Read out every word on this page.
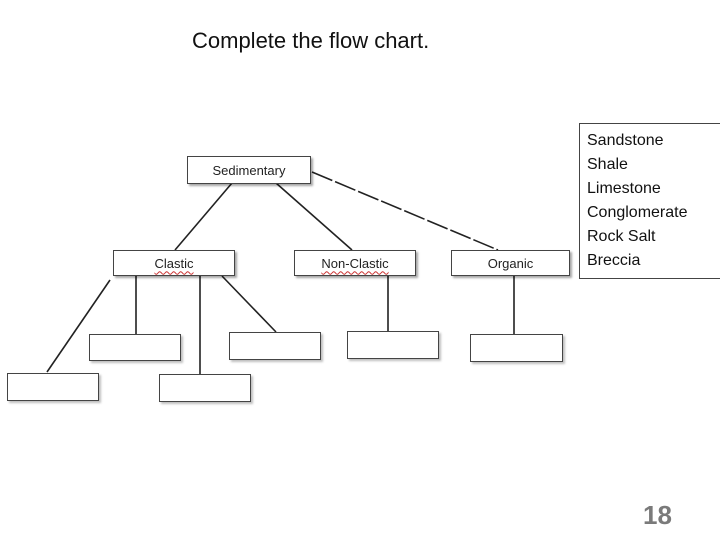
Complete the flow chart.
Sedimentary
Clastic	Non-Clastic	Organic
Sandstone
Shale
Limestone
Conglomerate
Rock Salt
Breccia
18
